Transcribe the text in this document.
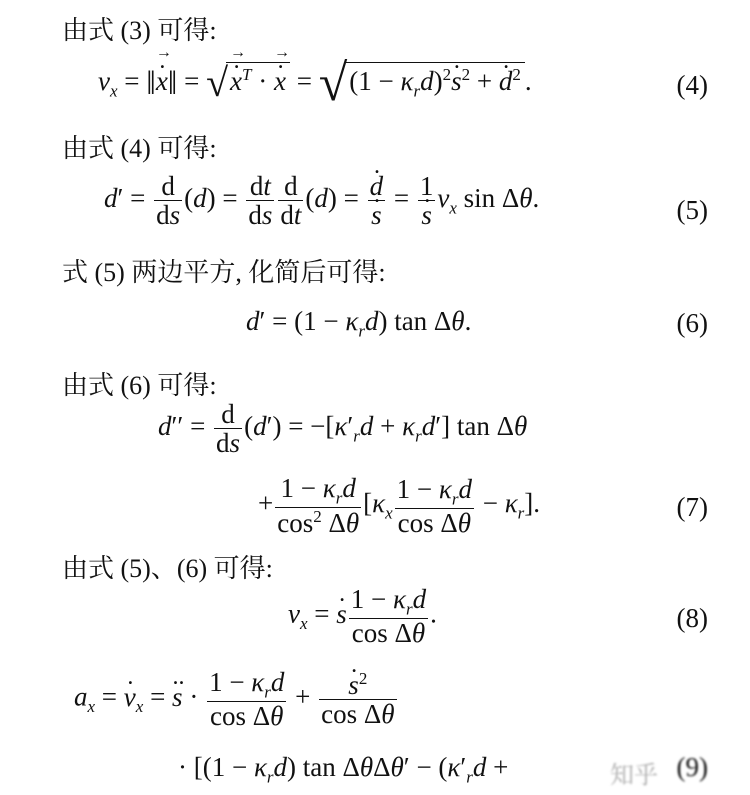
由式 (3) 可得:
$v_x$ = ‖. x →‖ = √. x →$^T$ · . x → = $√(1 - \kappa_rd)^2$. $s^2$ + . $d^2$ .	(4)
由式 (4) 可得:
$d' = \frac{d}{ds} (d) = \frac{dt}{ds} \frac{d}{dt} (d)$ = . d
. s = 1
. s $v_x$ sin Δθ.	(5)
式 (5) 两边平方, 化简后可得:
$d' = (1 - \kappa_rd)$ tan Δθ.	(6)
由式 (6) 可得:
$d'' = \frac{d}{ds} (d') = -[\kappa'_rd + \kappa_rd']$ tan Δθ
+ $\frac{1 - \kappa_rd}{\cos^2 \Delta\theta} [\kappa_x \frac{1 - \kappa_rd}{\text{cos Δθ}} - \kappa_r]$.	(7)
由式 (5)、(6) 可得:
$v_x$ = . s $\frac{1 - \kappa_rd}{\text{cos Δθ}}$ .	(8)
$a_x$ = . $v_x$ = .. $s \cdot \frac{1 - \kappa_rd}{\text{cos Δθ}}$ + . $\frac{s^2}{\text{cos Δθ}}$
· [$(1 - \kappa_rd)$ $\tan \Delta\theta\Delta\theta' - (\kappa'_rd$ +	(9)
知乎
